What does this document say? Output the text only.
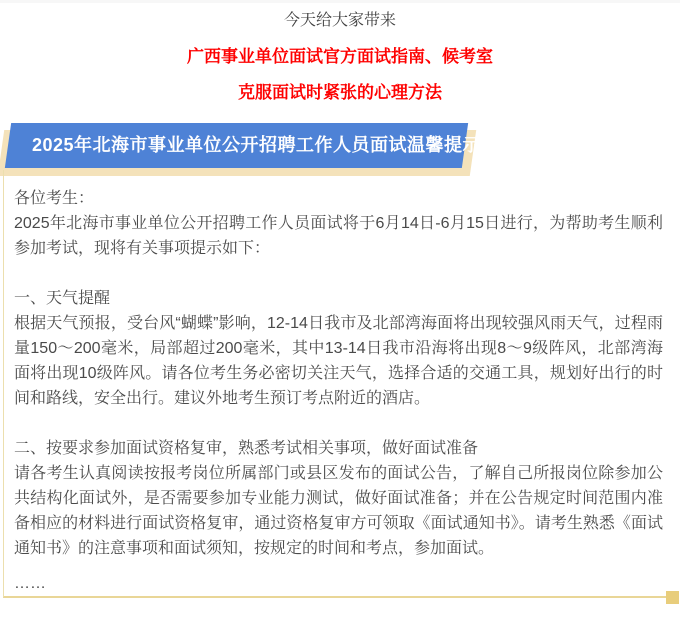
今天给大家带来

广西事业单位面试官方面试指南、候考室

克服面试时紧张的心理方法

2025年北海市事业单位公开招聘工作人员面试温馨提示

各位考生：

2025年北海市事业单位公开招聘工作人员面试将于6月14日-6月15日进行，为帮助考生顺利参加考试，现将有关事项提示如下：

一、天气提醒

根据天气预报，受台风“蝴蝶”影响，12-14日我市及北部湾海面将出现较强风雨天气，过程雨量150～200毫米，局部超过200毫米，其中13-14日我市沿海将出现8～9级阵风，北部湾海面将出现10级阵风。请各位考生务必密切关注天气，选择合适的交通工具，规划好出行的时间和路线，安全出行。建议外地考生预订考点附近的酒店。

二、按要求参加面试资格复审，熟悉考试相关事项，做好面试准备

请各考生认真阅读按报考岗位所属部门或县区发布的面试公告，了解自己所报岗位除参加公共结构化面试外，是否需要参加专业能力测试，做好面试准备；并在公告规定时间范围内准备相应的材料进行面试资格复审，通过资格复审方可领取《面试通知书》。请考生熟悉《面试通知书》的注意事项和面试须知，按规定的时间和考点，参加面试。

……
